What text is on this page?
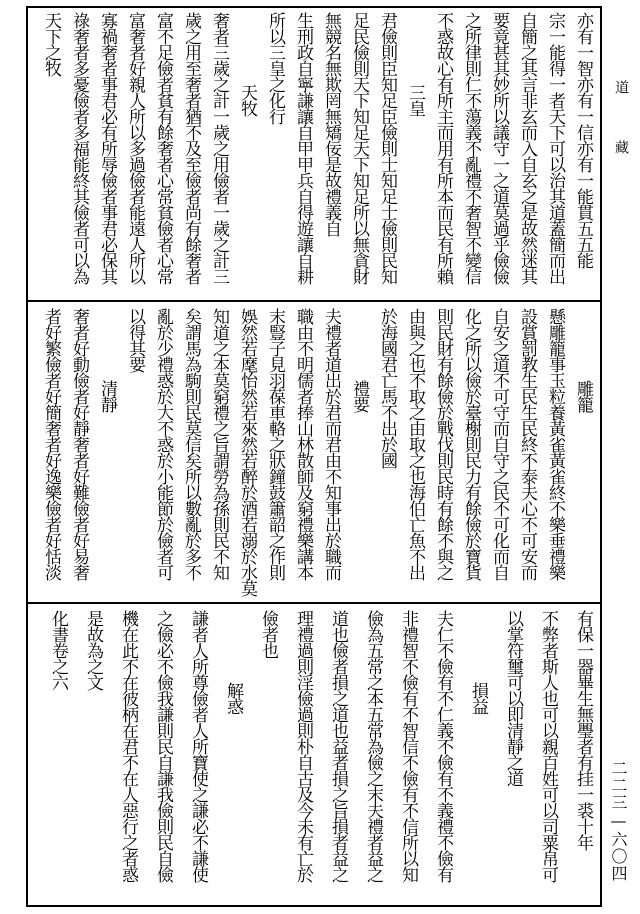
道
藏
二二三—六〇四
亦有一智亦有一信亦有一能貫五五能
宗一能得一者天下可以治其道蓋簡而出
自簡之其言非玄而入自玄之是故然迷其
要竟甚其妙所以議守一之道莫過乎儉儉
之所律則仁不蕩義不亂禮不奢智不變信
不惑故心有所主而用有所本而民有所賴
三皇
君儉則臣知足臣儉則士知足士儉則民知
足民儉則天下知足天下知足所以無貪財
無競名無欺罔無矯佞是故禮義自
生刑政自寧謙讓自甲甲兵自得遊讓自耕
所以三皇之化行
天牧
奢者三歲之計一歲之用儉者一歲之計三
歲之用至奢者猶不及至儉者尚有餘奢者
富不足儉者貧有餘奢者心常貧儉者心常
富奢者好親人所以多過儉者能遠人所以
寡禍奢者事君必有所辱儉者事君必保其
祿奢者多憂儉者多福能終其儉者可以為
天下之牧
雕籠
懸雕籠事玉粒養黃雀黃雀終不樂垂禮樂
設賞罰教生民生民終不泰夫心不可安而
自安之道不可守而自守之民不可化而自
化之所以儉於臺榭則民力有餘儉於寶貨
則民財有餘儉於戰伐則民時有餘不與之
由與之也不取之由取之也海伯亡魚不出
於海國君亡馬不出於國
禮要
夫禮者道出於君而君由不知事出於職而
職由不明儒者捧山林散師及窮禮樂講本
末豎子見羽葆車輅之狀鐘鼓簫韶之作則
娛然若麾怡然若來然若醉於酒若溺於水莫
知道之本莫窮禮之旨謂勞為孫則民不知
矣謂馬為駒則民莫信矣所以數亂於多不
亂於少禮惑於大不惑於小能節於儉者可
以得其要
清靜
奢者好動儉者好靜奢者好難儉者好易奢
者好繁儉者好簡奢者好逸樂儉者好恬淡
有保一器畢生無璺者有挂一裘十年
不弊者斯人也可以親百姓可以司粟帛可
以掌符璽可以即清靜之道
損益
夫仁不儉有不仁義不儉有不義禮不儉有
非禮智不儉有不智信不儉有不信所以知
儉為五常之本五常為儉之末夫禮者益之
道也儉者損之道也益者損之旨損者益之
理禮過則淫儉過則朴自古及今未有亡於
儉者也
解惑
謙者人所尊儉者人所寶使之謙必不謙使
之儉必不儉我謙則民自謙我儉則民自儉
機在此不在彼柄在君不在人惡行之者惑
是故為之文
化書卷之六
